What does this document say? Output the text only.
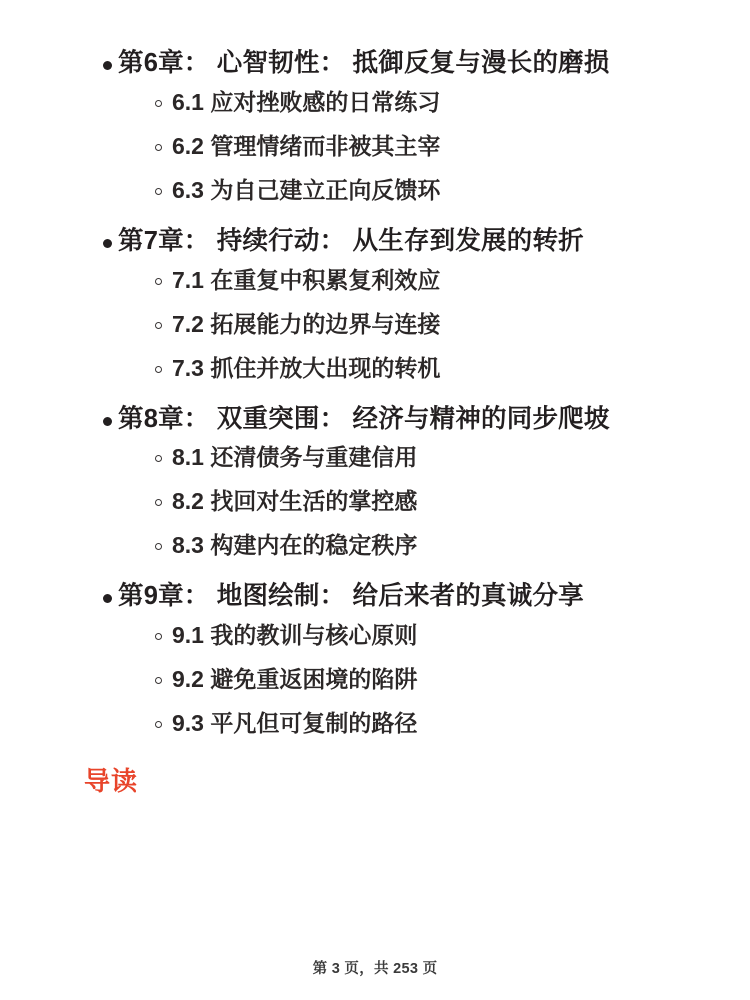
第6章： 心智韧性： 抵御反复与漫长的磨损
6.1 应对挫败感的日常练习
6.2 管理情绪而非被其主宰
6.3 为自己建立正向反馈环
第7章： 持续行动： 从生存到发展的转折
7.1 在重复中积累复利效应
7.2 拓展能力的边界与连接
7.3 抓住并放大出现的转机
第8章： 双重突围： 经济与精神的同步爬坡
8.1 还清债务与重建信用
8.2 找回对生活的掌控感
8.3 构建内在的稳定秩序
第9章： 地图绘制： 给后来者的真诚分享
9.1 我的教训与核心原则
9.2 避免重返困境的陷阱
9.3 平凡但可复制的路径
导读
第 3 页，共 253 页
